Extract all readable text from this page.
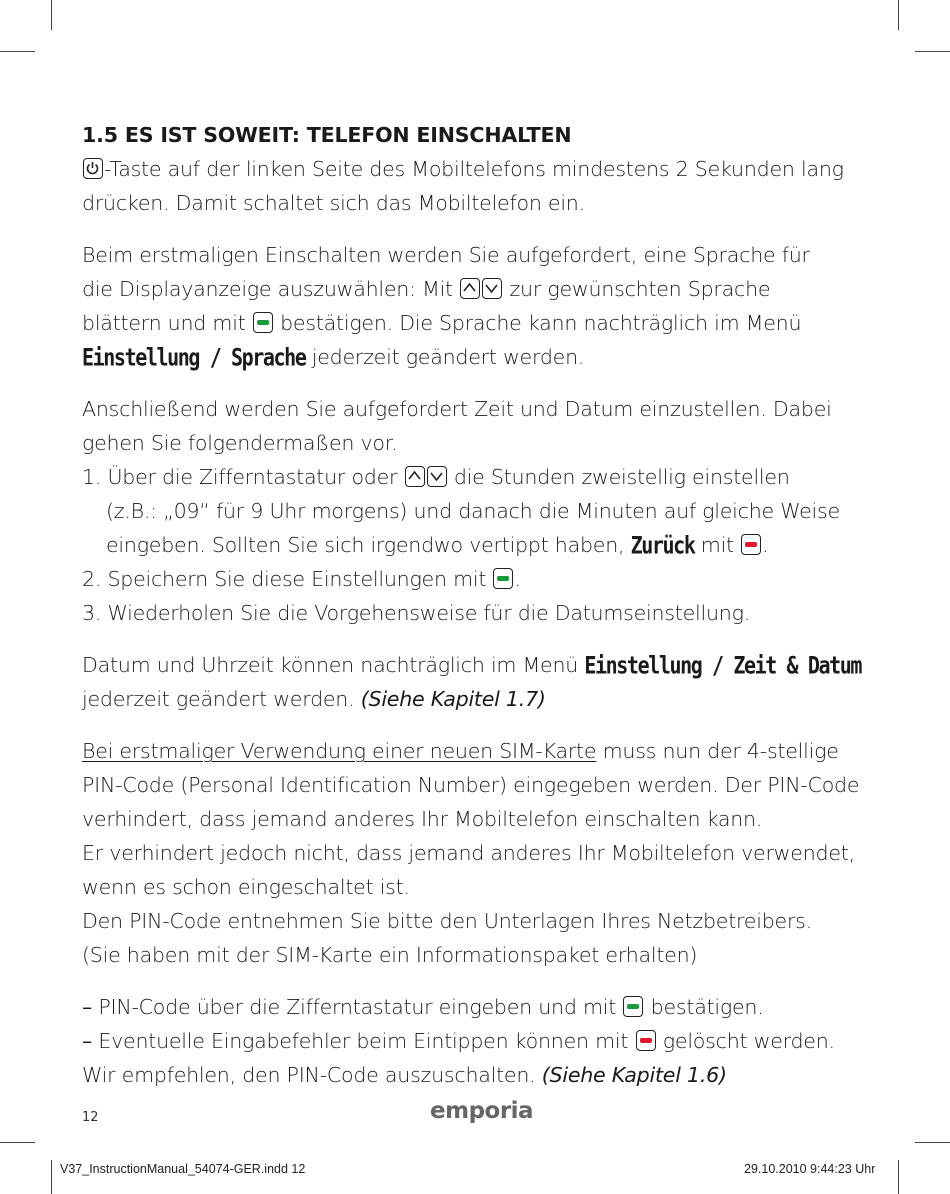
1.5 ES IST SOWEIT: TELEFON EINSCHALTEN

-Taste auf der linken Seite des Mobiltelefons mindestens 2 Sekunden lang
drücken. Damit schaltet sich das Mobiltelefon ein.

Beim erstmaligen Einschalten werden Sie aufgefordert, eine Sprache für
die Displayanzeige auszuwählen: Mit
zur gewünschten Sprache
blättern und mit
bestätigen. Die Sprache kann nachträglich im Menü
Einstellung / Sprache jederzeit geändert werden.

Anschließend werden Sie aufgefordert Zeit und Datum einzustellen. Dabei
gehen Sie folgendermaßen vor.
1. Über die Zifferntastatur oder
die Stunden zweistellig einstellen
(z.B.: „09“ für 9 Uhr morgens) und danach die Minuten auf gleiche Weise
eingeben. Sollten Sie sich irgendwo vertippt haben, Zurück mit
.
2. Speichern Sie diese Einstellungen mit
.
3. Wiederholen Sie die Vorgehensweise für die Datumseinstellung.

Datum und Uhrzeit können nachträglich im Menü Einstellung / Zeit & Datum
jederzeit geändert werden. (Siehe Kapitel 1.7)

Bei erstmaliger Verwendung einer neuen SIM-Karte muss nun der 4-stellige
PIN-Code (Personal Identification Number) eingegeben werden. Der PIN-Code
verhindert, dass jemand anderes Ihr Mobiltelefon einschalten kann.
Er verhindert jedoch nicht, dass jemand anderes Ihr Mobiltelefon verwendet,
wenn es schon eingeschaltet ist.
Den PIN-Code entnehmen Sie bitte den Unterlagen Ihres Netzbetreibers.
(Sie haben mit der SIM-Karte ein Informationspaket erhalten)

– PIN-Code über die Zifferntastatur eingeben und mit
bestätigen.
– Eventuelle Eingabefehler beim Eintippen können mit
gelöscht werden.
Wir empfehlen, den PIN-Code auszuschalten. (Siehe Kapitel 1.6)

12	emporia
V37_InstructionManual_54074-GER.indd 12	29.10.2010 9:44:23 Uhr
